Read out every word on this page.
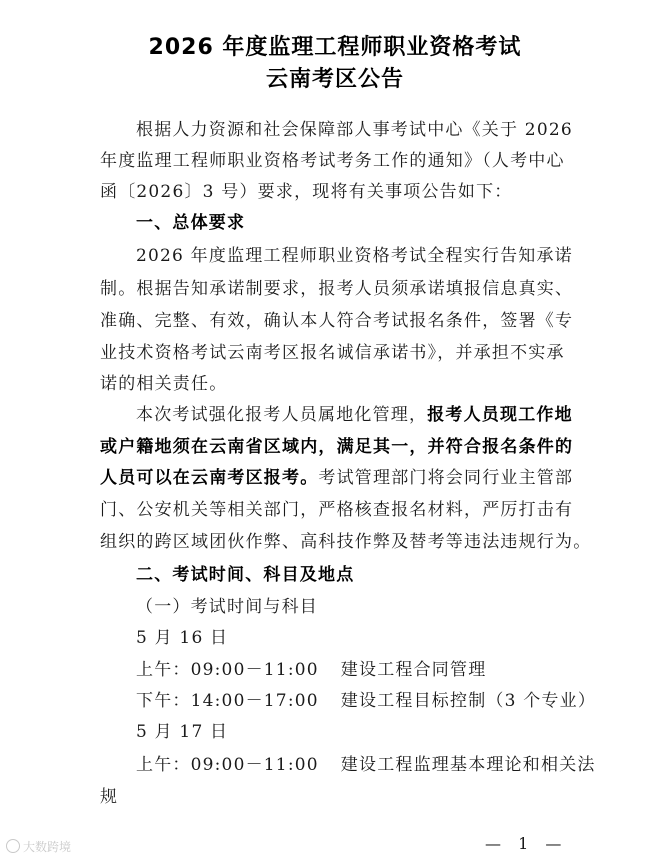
2026 年度监理工程师职业资格考试
云南考区公告
根据人力资源和社会保障部人事考试中心《关于 2026
年度监理工程师职业资格考试考务工作的通知》（人考中心
函〔2026〕3 号）要求，现将有关事项公告如下：
一、总体要求
2026 年度监理工程师职业资格考试全程实行告知承诺
制。根据告知承诺制要求，报考人员须承诺填报信息真实、
准确、完整、有效，确认本人符合考试报名条件，签署《专
业技术资格考试云南考区报名诚信承诺书》，并承担不实承
诺的相关责任。
本次考试强化报考人员属地化管理，报考人员现工作地
或户籍地须在云南省区域内，满足其一，并符合报名条件的
人员可以在云南考区报考。考试管理部门将会同行业主管部
门、公安机关等相关部门，严格核查报名材料，严厉打击有
组织的跨区域团伙作弊、高科技作弊及替考等违法违规行为。
二、考试时间、科目及地点
（一）考试时间与科目
5 月 16 日
上午：09:00－11:00 建设工程合同管理
下午：14:00－17:00 建设工程目标控制（3 个专业）
5 月 17 日
上午：09:00－11:00 建设工程监理基本理论和相关法
规
— 1 —
大数跨境
